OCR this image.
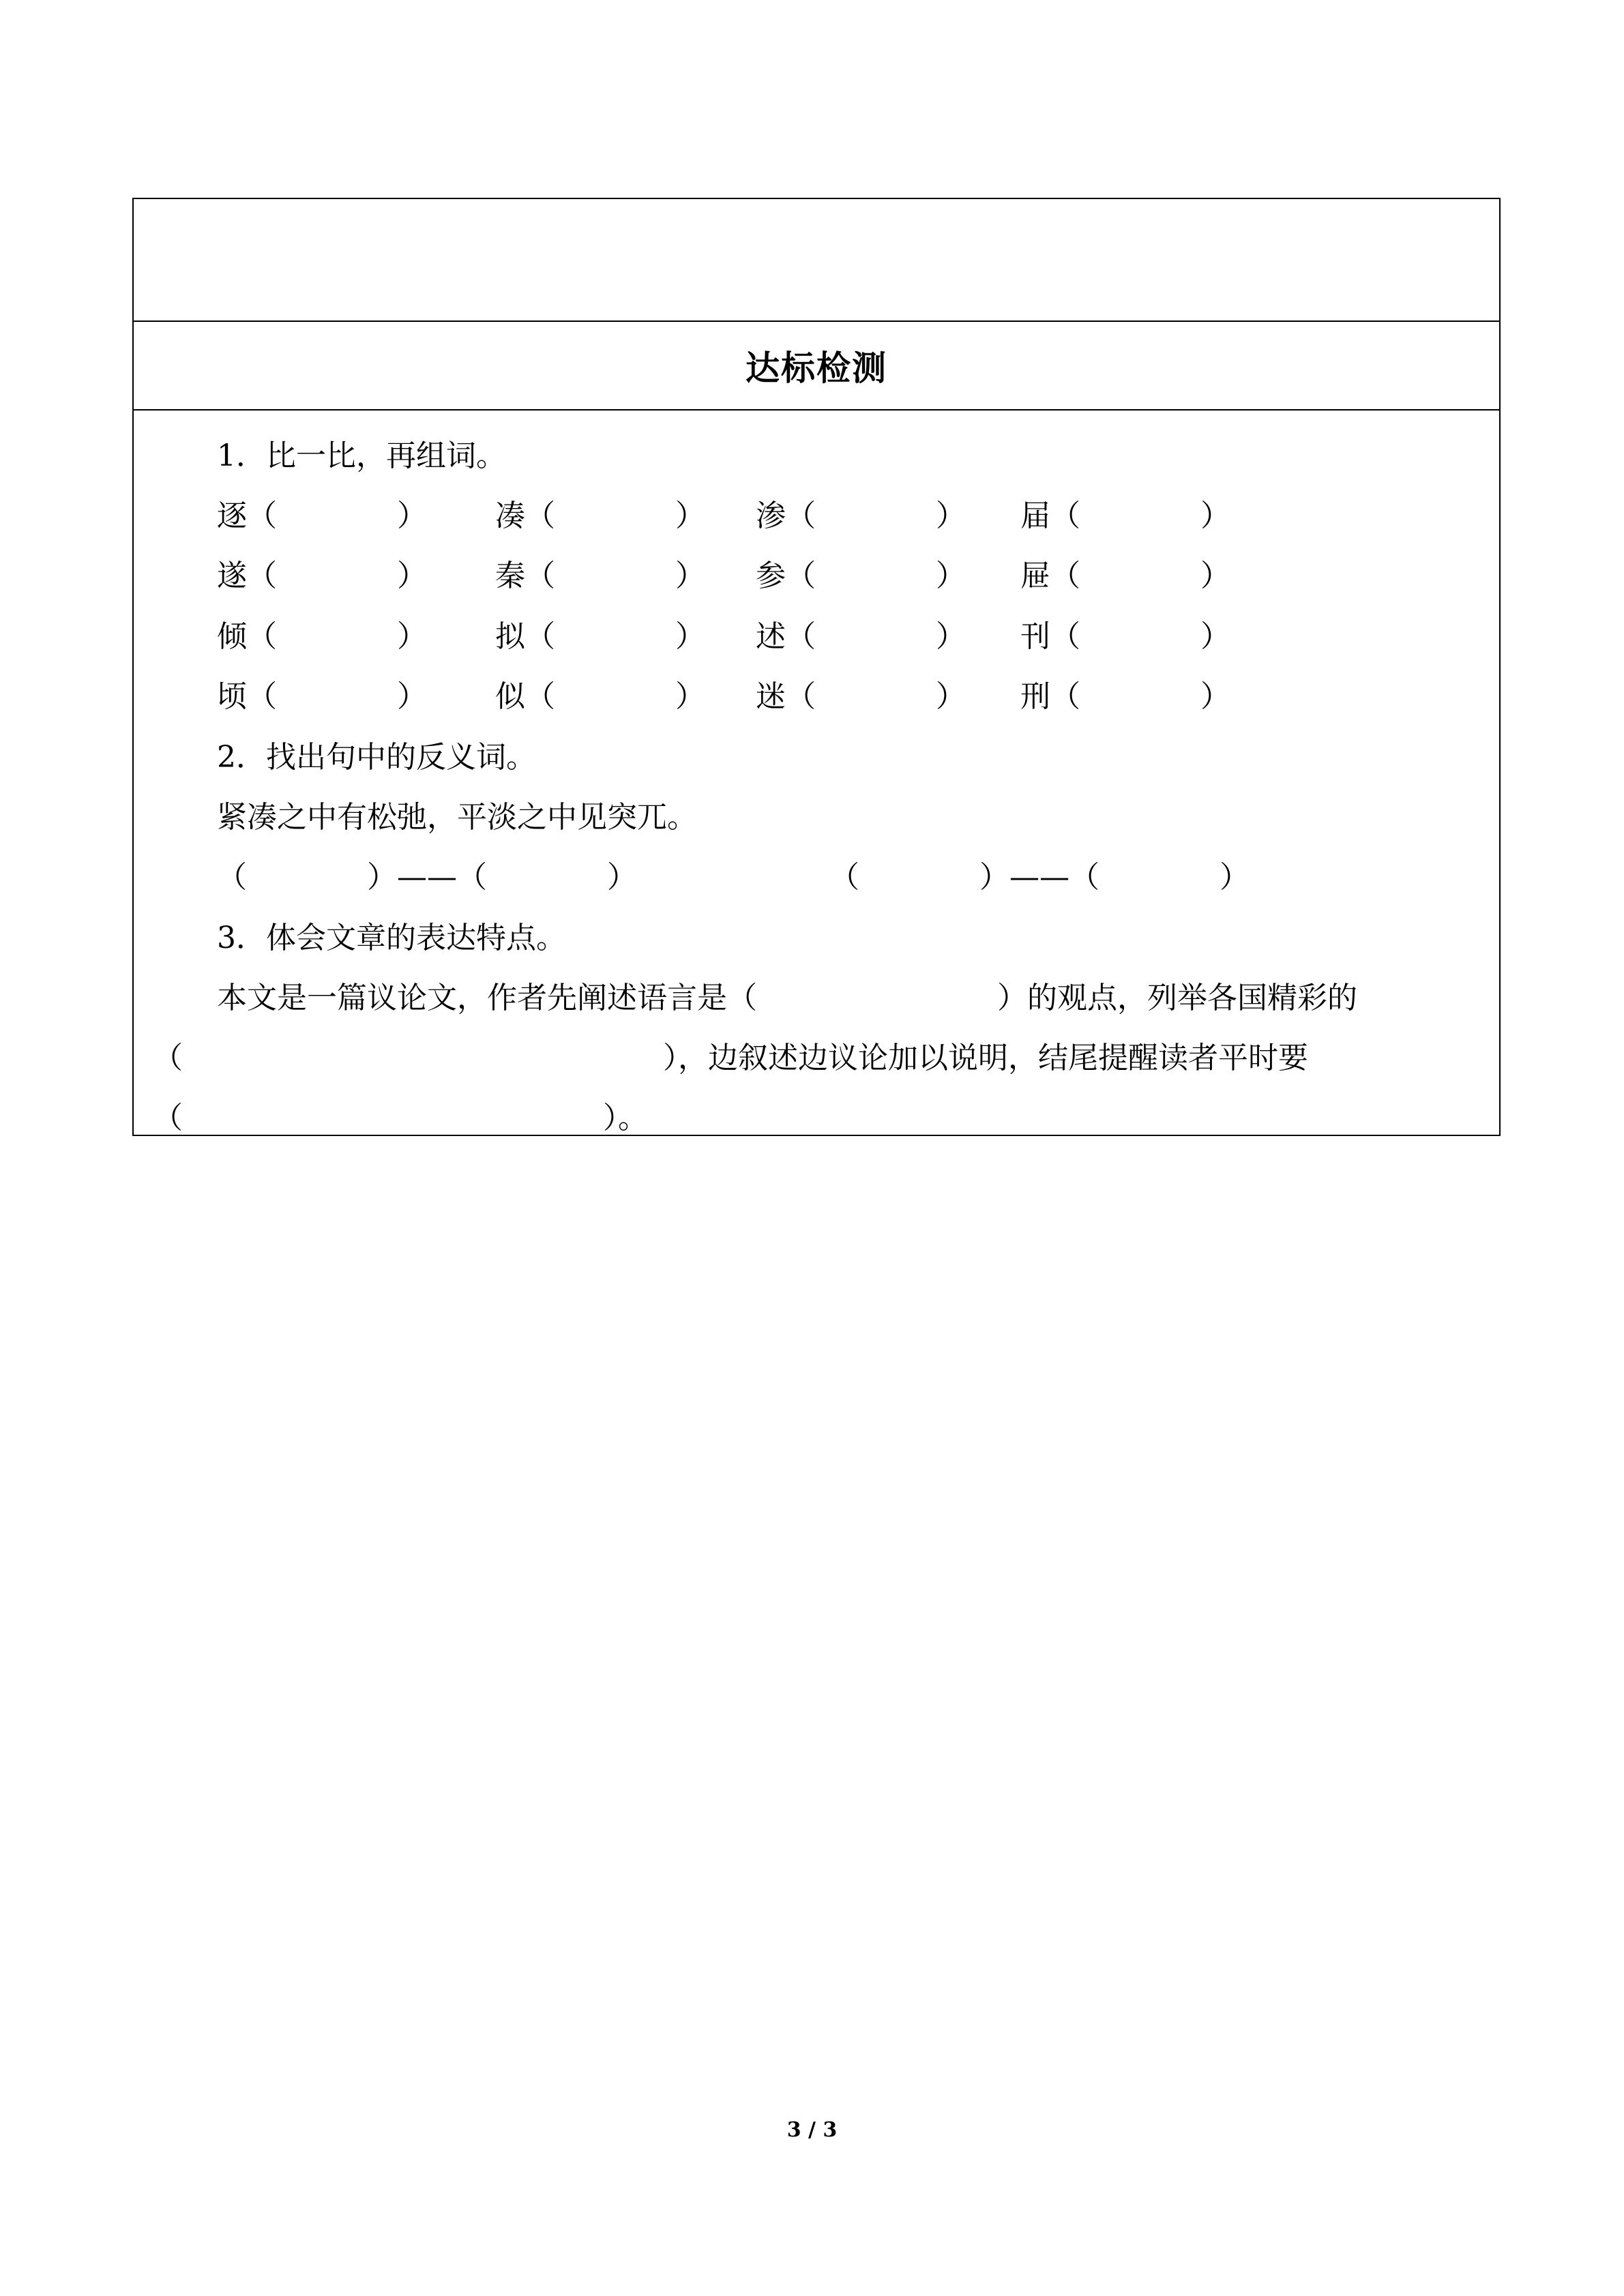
达标检测
1．比一比，再组词。
逐（　　　　） 凑（　　　　） 渗（　　　　） 届（　　　　）
遂（　　　　） 秦（　　　　） 参（　　　　） 屉（　　　　）
倾（　　　　） 拟（　　　　） 述（　　　　） 刊（　　　　）
顷（　　　　） 似（　　　　） 迷（　　　　） 刑（　　　　）
2．找出句中的反义词。
紧凑之中有松弛，平淡之中见突兀。
（　　　　）——（　　　　）	（　　　　）——（　　　　）
3．体会文章的表达特点。
本文是一篇议论文，作者先阐述语言是（　　　　　　　　）的观点，列举各国精彩的
（　　　　　　　　　　　　　　　　），边叙述边议论加以说明，结尾提醒读者平时要
（　　　　　　　　　　　　　　）。
3 / 3
